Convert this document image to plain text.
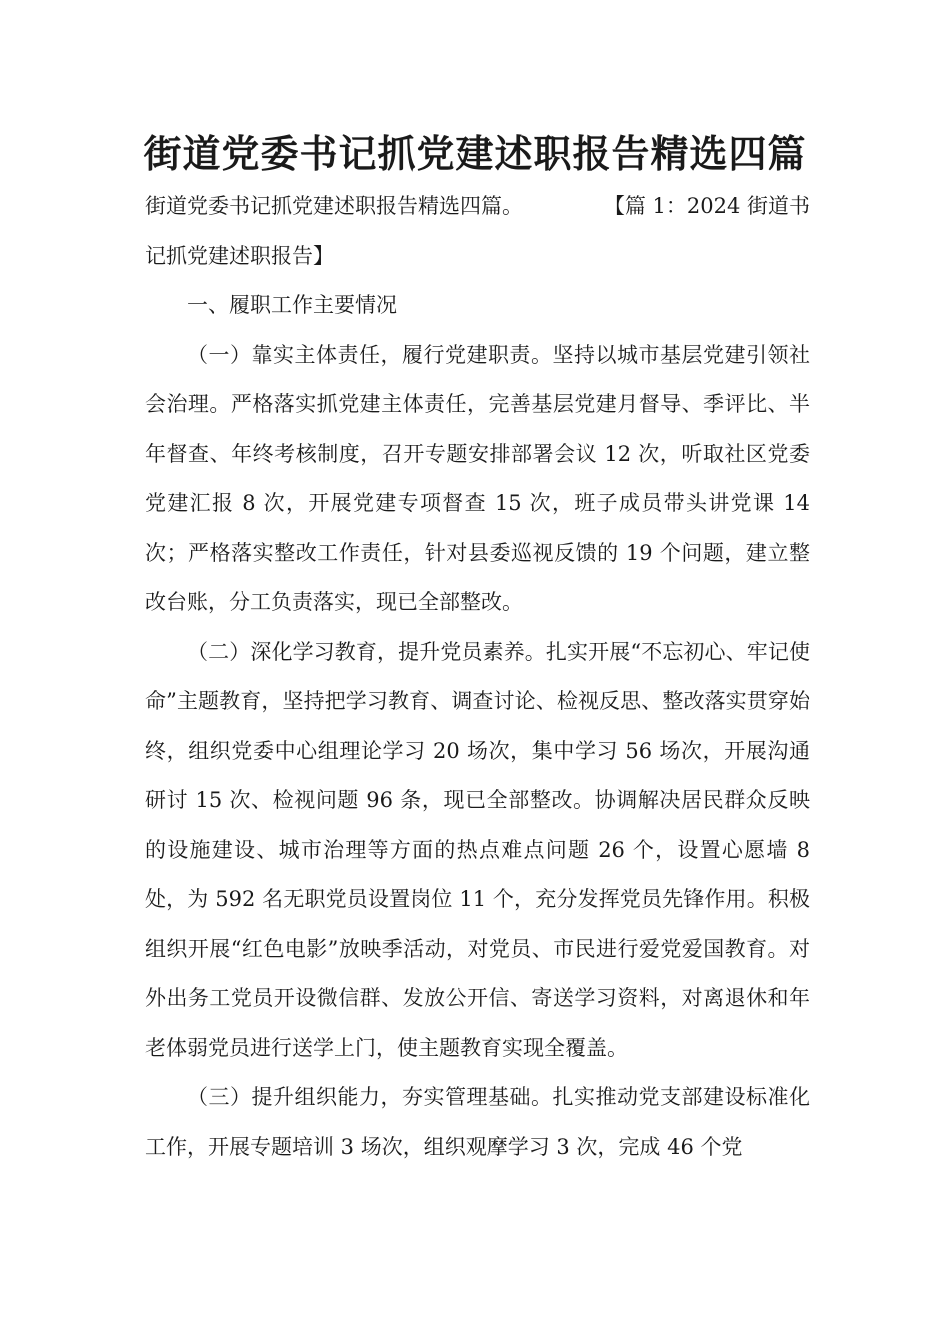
街道党委书记抓党建述职报告精选四篇
街道党委书记抓党建述职报告精选四篇。	【篇 1：2024 街道书

记抓党建述职报告】

一、履职工作主要情况

（一）靠实主体责任，履行党建职责。坚持以城市基层党建引领社会治理。严格落实抓党建主体责任，完善基层党建月督导、季评比、半年督查、年终考核制度，召开专题安排部署会议 12 次，听取社区党委党建汇报 8 次，开展党建专项督查 15 次，班子成员带头讲党课 14 次；严格落实整改工作责任，针对县委巡视反馈的 19 个问题，建立整改台账，分工负责落实，现已全部整改。

（二）深化学习教育，提升党员素养。扎实开展“不忘初心、牢记使命”主题教育，坚持把学习教育、调查讨论、检视反思、整改落实贯穿始终，组织党委中心组理论学习 20 场次，集中学习 56 场次，开展沟通研讨 15 次、检视问题 96 条，现已全部整改。协调解决居民群众反映的设施建设、城市治理等方面的热点难点问题 26 个，设置心愿墙 8 处，为 592 名无职党员设置岗位 11 个，充分发挥党员先锋作用。积极组织开展“红色电影”放映季活动，对党员、市民进行爱党爱国教育。对外出务工党员开设微信群、发放公开信、寄送学习资料，对离退休和年老体弱党员进行送学上门，使主题教育实现全覆盖。

（三）提升组织能力，夯实管理基础。扎实推动党支部建设标准化工作，开展专题培训 3 场次，组织观摩学习 3 次，完成 46 个党
